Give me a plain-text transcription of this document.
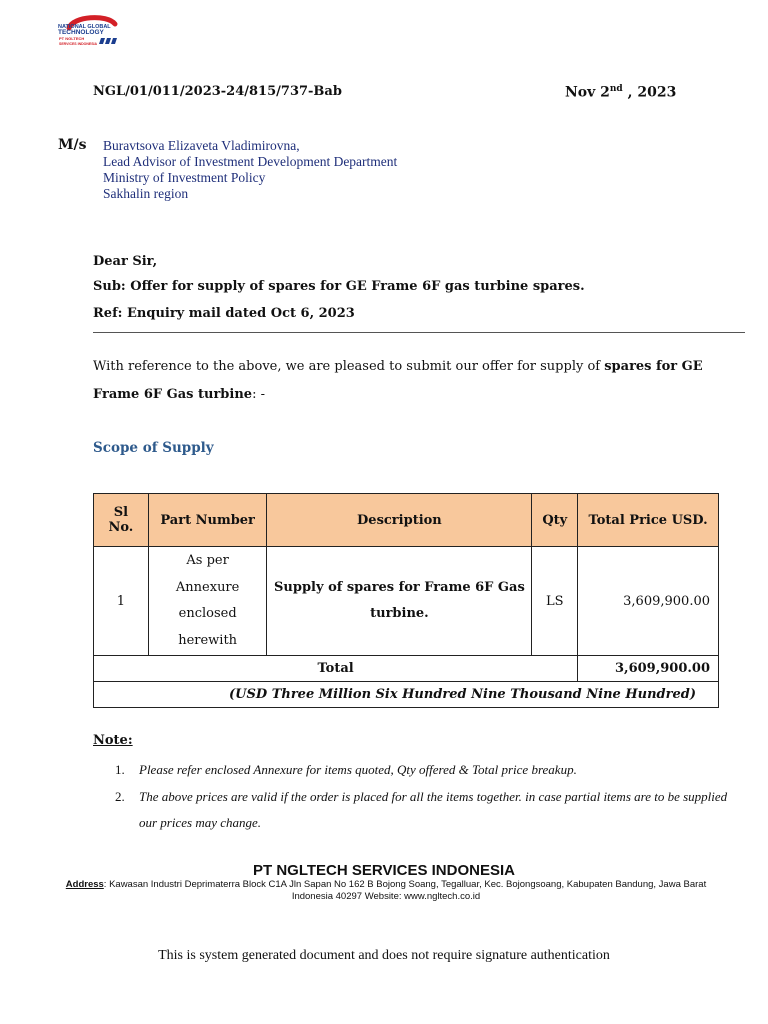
NATIONAL GLOBAL
TECHNOLOGY
PT NGLTECH
SERVICES INDONESIA
NGL/01/011/2023-24/815/737-Bab	Nov 2nd , 2023
M/s Buravtsova Elizaveta Vladimirovna,
Lead Advisor of Investment Development Department
Ministry of Investment Policy
Sakhalin region
Dear Sir,
Sub: Offer for supply of spares for GE Frame 6F gas turbine spares.
Ref: Enquiry mail dated Oct 6, 2023
With reference to the above, we are pleased to submit our offer for supply of spares for GE
Frame 6F Gas turbine: -
Scope of Supply
Sl
No.	Part Number	Description	Qty	Total Price USD.
1	As per
Annexure
enclosed
herewith	Supply of spares for Frame 6F Gas turbine.	LS	3,609,900.00
Total				3,609,900.00
(USD Three Million Six Hundred Nine Thousand Nine Hundred)				
Note:
1. Please refer enclosed Annexure for items quoted, Qty offered & Total price breakup.
2. The above prices are valid if the order is placed for all the items together. in case partial items are to be supplied our prices may change.
PT NGLTECH SERVICES INDONESIA
Address: Kawasan Industri Deprimaterra Block C1A Jln Sapan No 162 B Bojong Soang, Tegalluar, Kec. Bojongsoang, Kabupaten Bandung, Jawa Barat Indonesia 40297 Website: www.ngltech.co.id
This is system generated document and does not require signature authentication
